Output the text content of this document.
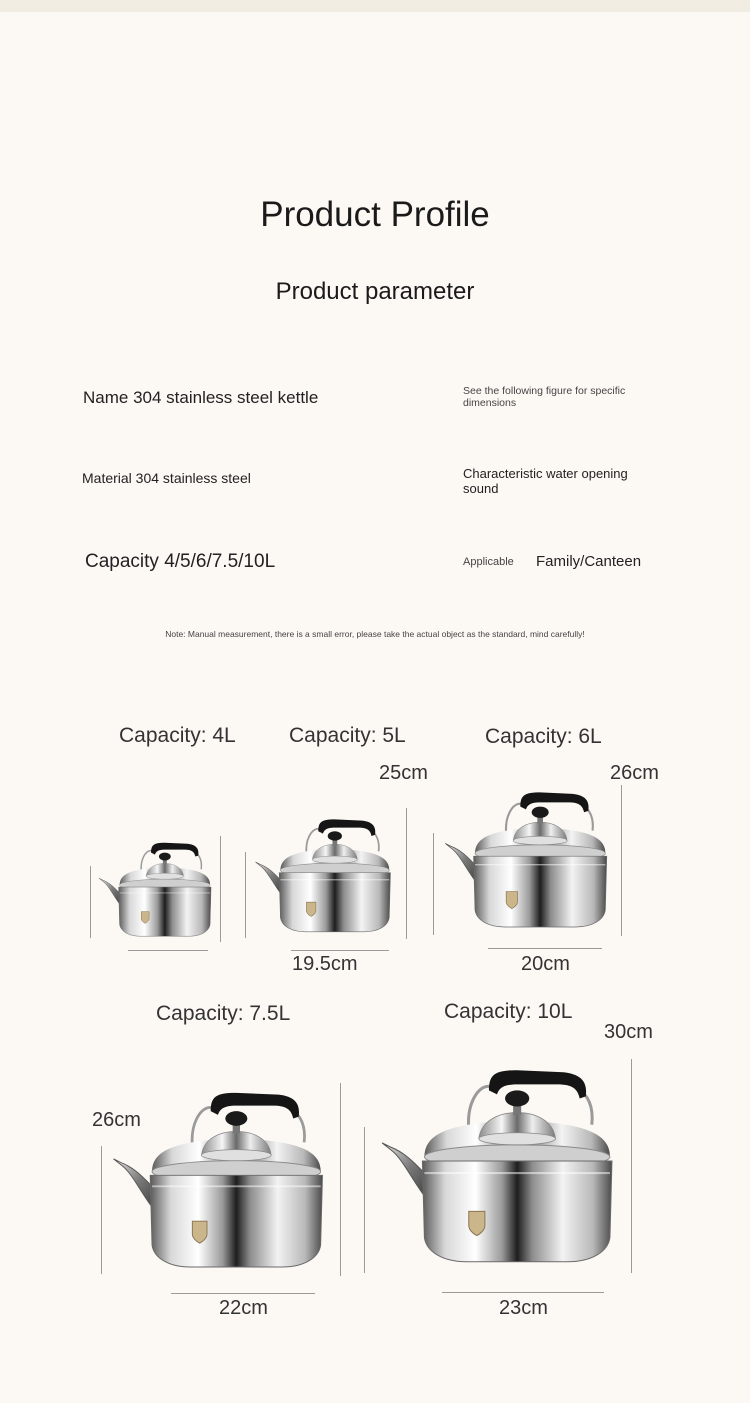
Product Profile
Product parameter
Name 304 stainless steel kettle	See the following figure for specific
dimensions
Material 304 stainless steel	Characteristic water opening
sound
Capacity 4/5/6/7.5/10L	Applicable Family/Canteen
Note: Manual measurement, there is a small error, please take the actual object as the standard, mind carefully!
Capacity: 4L	Capacity: 5L	Capacity: 6L
Capacity: 7.5L	Capacity: 10L
25cm	26cm
19.5cm	20cm
26cm
30cm
22cm	23cm
